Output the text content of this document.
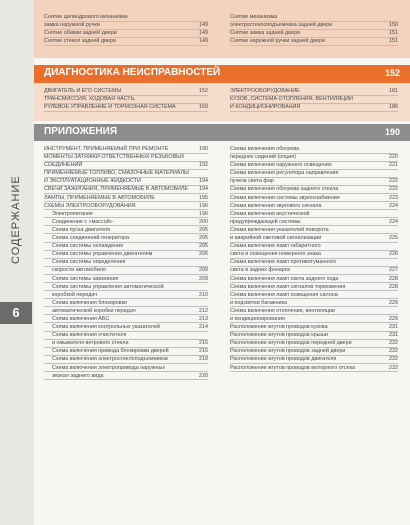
СОДЕРЖАНИЕ
6
Снятие цилиндрового механизма
замка наружной ручки	149
Снятие обивки задней двери	149
Снятие стекол задней двери	149
Снятие механизма
электростеклоподъемника задней двери	150
Снятие замка задней двери	151
Снятие наружной ручки задней двери	151
ДИАГНОСТИКА НЕИСПРАВНОСТЕЙ	152
ДВИГАТЕЛЬ И ЕГО СИСТЕМЫ	152
ТРАНСМИССИЯ, ХОДОВАЯ ЧАСТЬ,
РУЛЕВОЕ УПРАВЛЕНИЕ И ТОРМОЗНАЯ СИСТЕМА	169
ЭЛЕКТРООБОРУДОВАНИЕ	181
КУЗОВ, СИСТЕМА ОТОПЛЕНИЯ, ВЕНТИЛЯЦИИ
И КОНДИЦИОНИРОВАНИЯ	186
ПРИЛОЖЕНИЯ	190
ИНСТРУМЕНТ, ПРИМЕНЯЕМЫЙ ПРИ РЕМОНТЕ	190
МОМЕНТЫ ЗАТЯЖКИ ОТВЕТСТВЕННЫХ РЕЗЬБОВЫХ
СОЕДИНЕНИЙ	192
ПРИМЕНЯЕМЫЕ ТОПЛИВО, СМАЗОЧНЫЕ МАТЕРИАЛЫ
И ЭКСПЛУАТАЦИОННЫЕ ЖИДКОСТИ	194
СВЕЧИ ЗАЖИГАНИЯ, ПРИМЕНЯЕМЫЕ В АВТОМОБИЛЕ 194
ЛАМПЫ, ПРИМЕНЯЕМЫЕ В АВТОМОБИЛЕ	195
СХЕМЫ ЭЛЕКТРООБОРУДОВАНИЯ	196
Электропитание	196
Соединение с «массой»	200
Схема пуска двигателя	205
Схема соединений генератора	205
Схема системы охлаждения	205
Схема системы управления двигателем	206
Схема системы определения
скорости автомобиля	209
Схема системы зажигания	209
Схема системы управления автоматической
коробкой передач	210
Схема включения блокировки
автоматической коробки передач	212
Схема включения АБС	213
Схема включения контрольных указателей	214
Схема включения очистителя
и омывателя ветрового стекла	216
Схема включения привода блокировки дверей	216
Схема включения электростеклоподъемников	218
Схема включения электропривода наружных
зеркал заднего вида	220
Схема включения обогрева
передних сидений (опция)	220
Схема включения наружного освещения	221
Схема включения регулятора направления
пучков света фар	222
Схема включения обогрева заднего стекла	222
Схема включения системы звукоснабжения	223
Схема включения звукового сигнала	224
Схема включения акустической
предупреждающей системы	224
Схема включения указателей поворота
и аварийной световой сигнализации	225
Схема включения ламп габаритного
света и освещения номерного знака	226
Схема включения ламп противотуманного
света в задних фонарях	227
Схема включения ламп света заднего хода	228
Схема включения ламп сигналов торможения	228
Схема включения ламп освещения салона
и подсветки багажника	229
Схема включения отопления, вентиляции
и кондиционирования	229
Расположение жгутов проводов кузова	231
Расположение жгутов проводов крыши	231
Расположение жгутов проводов передней двери	232
Расположение жгутов проводов задней двери	232
Расположение жгутов проводов двигателя	232
Расположение жгутов проводов моторного отсека	232
